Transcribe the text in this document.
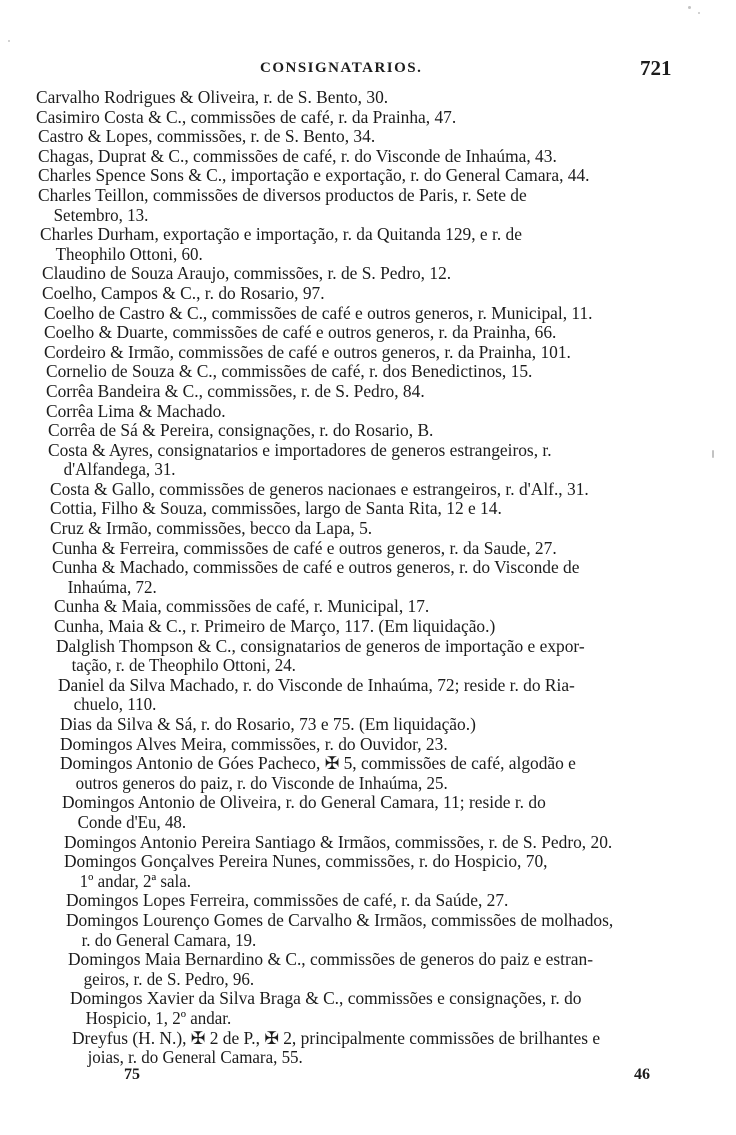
CONSIGNATARIOS.	721
Carvalho Rodrigues & Oliveira, r. de S. Bento, 30.
Casimiro Costa & C., commissões de café, r. da Prainha, 47.
Castro & Lopes, commissões, r. de S. Bento, 34.
Chagas, Duprat & C., commissões de café, r. do Visconde de Inhaúma, 43.
Charles Spence Sons & C., importação e exportação, r. do General Camara, 44.
Charles Teillon, commissões de diversos productos de Paris, r. Sete de
Setembro, 13.
Charles Durham, exportação e importação, r. da Quitanda 129, e r. de
Theophilo Ottoni, 60.
Claudino de Souza Araujo, commissões, r. de S. Pedro, 12.
Coelho, Campos & C., r. do Rosario, 97.
Coelho de Castro & C., commissões de café e outros generos, r. Municipal, 11.
Coelho & Duarte, commissões de café e outros generos, r. da Prainha, 66.
Cordeiro & Irmão, commissões de café e outros generos, r. da Prainha, 101.
Cornelio de Souza & C., commissões de café, r. dos Benedictinos, 15.
Corrêa Bandeira & C., commissões, r. de S. Pedro, 84.
Corrêa Lima & Machado.
Corrêa de Sá & Pereira, consignações, r. do Rosario, B.
Costa & Ayres, consignatarios e importadores de generos estrangeiros, r.
d'Alfandega, 31.
Costa & Gallo, commissões de generos nacionaes e estrangeiros, r. d'Alf., 31.
Cottia, Filho & Souza, commissões, largo de Santa Rita, 12 e 14.
Cruz & Irmão, commissões, becco da Lapa, 5.
Cunha & Ferreira, commissões de café e outros generos, r. da Saude, 27.
Cunha & Machado, commissões de café e outros generos, r. do Visconde de
Inhaúma, 72.
Cunha & Maia, commissões de café, r. Municipal, 17.
Cunha, Maia & C., r. Primeiro de Março, 117. (Em liquidação.)
Dalglish Thompson & C., consignatarios de generos de importação e expor-
tação, r. de Theophilo Ottoni, 24.
Daniel da Silva Machado, r. do Visconde de Inhaúma, 72; reside r. do Ria-
chuelo, 110.
Dias da Silva & Sá, r. do Rosario, 73 e 75. (Em liquidação.)
Domingos Alves Meira, commissões, r. do Ouvidor, 23.
Domingos Antonio de Góes Pacheco, ✠ 5, commissões de café, algodão e
outros generos do paiz, r. do Visconde de Inhaúma, 25.
Domingos Antonio de Oliveira, r. do General Camara, 11; reside r. do
Conde d'Eu, 48.
Domingos Antonio Pereira Santiago & Irmãos, commissões, r. de S. Pedro, 20.
Domingos Gonçalves Pereira Nunes, commissões, r. do Hospicio, 70,
1º andar, 2ª sala.
Domingos Lopes Ferreira, commissões de café, r. da Saúde, 27.
Domingos Lourenço Gomes de Carvalho & Irmãos, commissões de molhados,
r. do General Camara, 19.
Domingos Maia Bernardino & C., commissões de generos do paiz e estran-
geiros, r. de S. Pedro, 96.
Domingos Xavier da Silva Braga & C., commissões e consignações, r. do
Hospicio, 1, 2º andar.
Dreyfus (H. N.), ✠ 2 de P., ✠ 2, principalmente commissões de brilhantes e
joias, r. do General Camara, 55.
75	46
